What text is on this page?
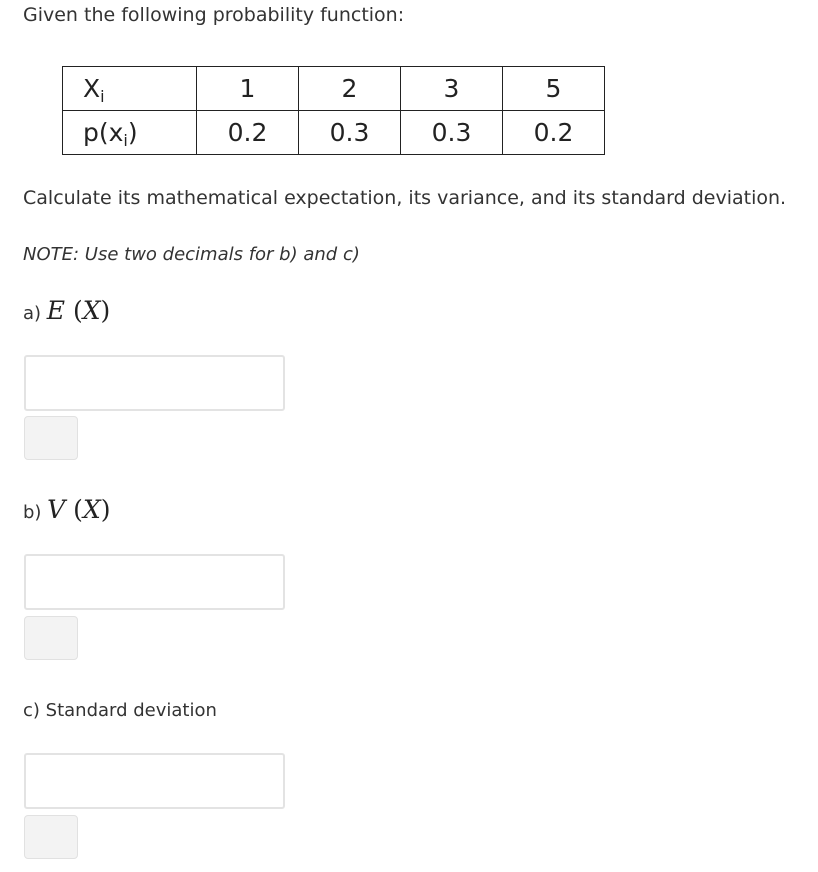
Given the following probability function:
$X_i$	1	2	3	5
$p(x_i)$	0.2	0.3	0.3	0.2
Calculate its mathematical expectation, its variance, and its standard deviation.
NOTE: Use two decimals for b) and c)
a) E (X)
b) V (X)
c) Standard deviation
